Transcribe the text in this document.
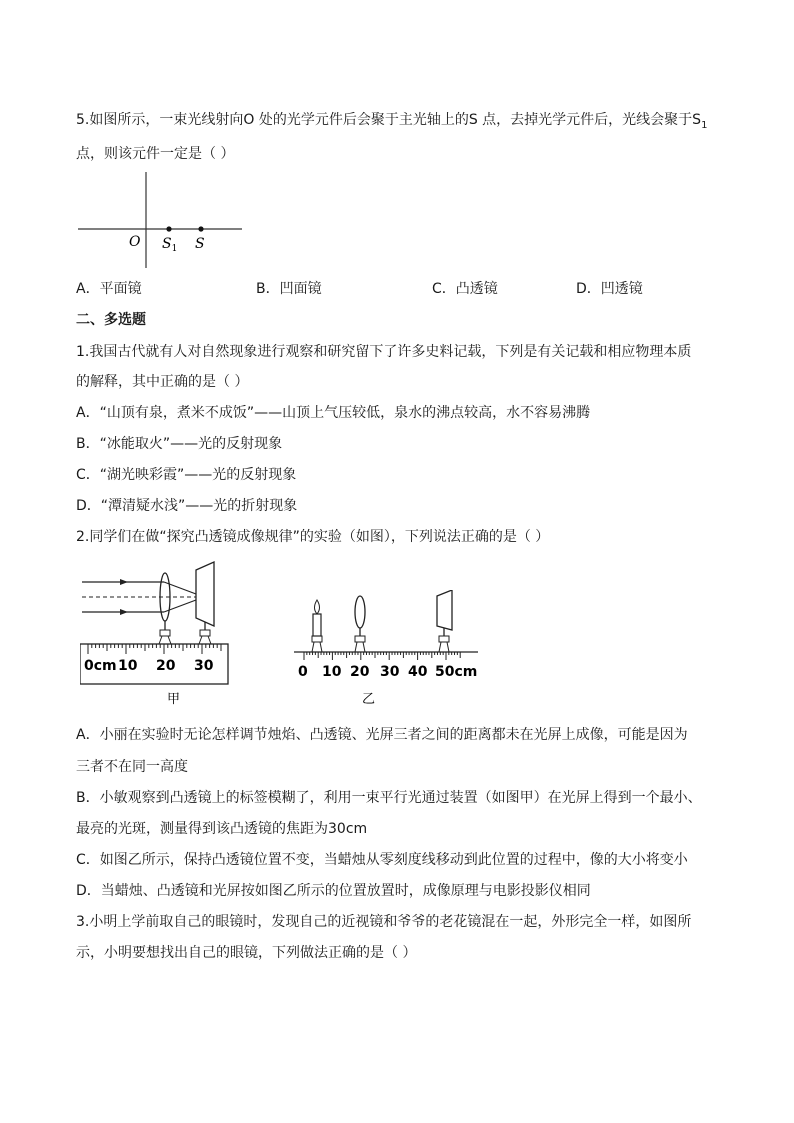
5.如图所示，一束光线射向O 处的光学元件后会聚于主光轴上的S 点，去掉光学元件后，光线会聚于$S_1$
点，则该元件一定是（ ）
O $S_1$ S
A．平面镜	B．凹面镜	C．凸透镜	D．凹透镜
二、多选题
1.我国古代就有人对自然现象进行观察和研究留下了许多史料记载，下列是有关记载和相应物理本质
的解释，其中正确的是（ ）
A．“山顶有泉，煮米不成饭”——山顶上气压较低，泉水的沸点较高，水不容易沸腾
B．“冰能取火”——光的反射现象
C．“湖光映彩霞”——光的反射现象
D．“潭清疑水浅”——光的折射现象
2.同学们在做“探究凸透镜成像规律”的实验（如图），下列说法正确的是（ ）
0cm 10 20 30
甲
0 10 20 30 40 50cm
乙
A．小丽在实验时无论怎样调节烛焰、凸透镜、光屏三者之间的距离都未在光屏上成像，可能是因为
三者不在同一高度
B．小敏观察到凸透镜上的标签模糊了，利用一束平行光通过装置（如图甲）在光屏上得到一个最小、
最亮的光斑，测量得到该凸透镜的焦距为30cm
C．如图乙所示，保持凸透镜位置不变，当蜡烛从零刻度线移动到此位置的过程中，像的大小将变小
D．当蜡烛、凸透镜和光屏按如图乙所示的位置放置时，成像原理与电影投影仪相同
3.小明上学前取自己的眼镜时，发现自己的近视镜和爷爷的老花镜混在一起，外形完全一样，如图所
示，小明要想找出自己的眼镜，下列做法正确的是（ ）
